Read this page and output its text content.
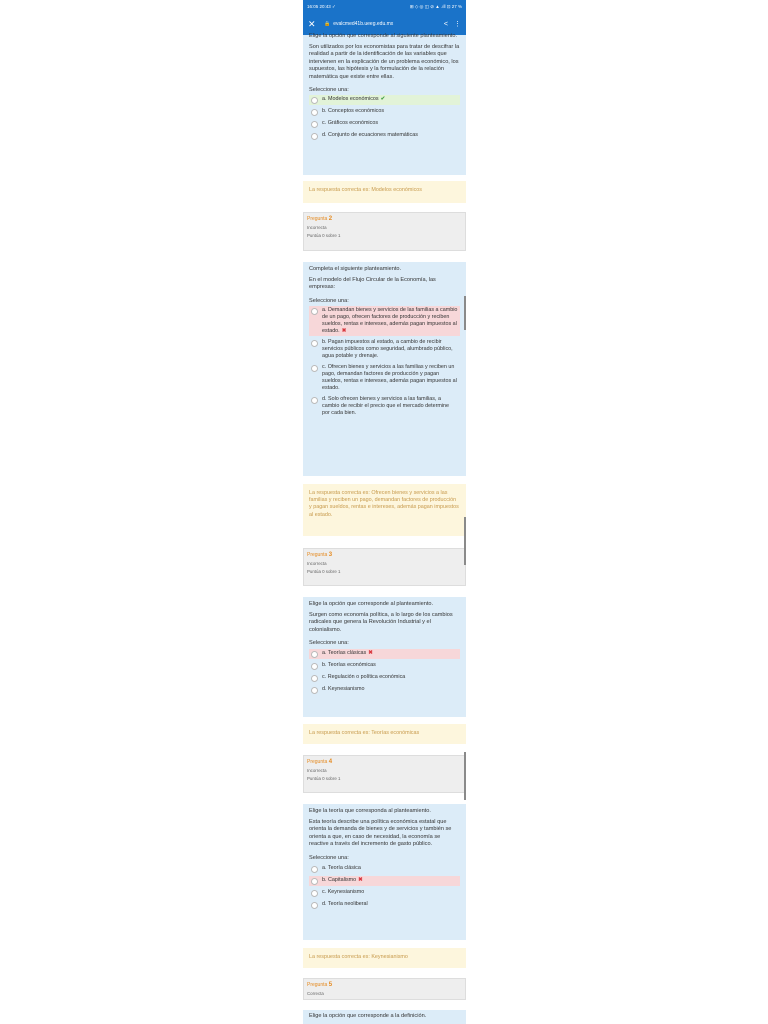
16:05 20:43 ✓	⊞ ◇ ◎ ◫ ⊘ ▲ .ıll ⊡ 27 %
✕	🔒 evalcmed41b.ueeg.edu.mx	< ⋮

Elige la opción que corresponde al siguiente planteamiento.

Son utilizados por los economistas para tratar de descifrar la realidad a partir de la identificación de las variables que intervienen en la explicación de un problema económico, los supuestos, las hipótesis y la formulación de la relación matemática que existe entre ellas.

Seleccione una:

a. Modelos económicos ✔
b. Conceptos económicos
c. Gráficos económicos
d. Conjunto de ecuaciones matemáticas
La respuesta correcta es: Modelos económicos
Pregunta 2
Incorrecta
Puntúa 0 sobre 1

Completa el siguiente planteamiento.

En el modelo del Flujo Circular de la Economía, las empresas:

Seleccione una:

a. Demandan bienes y servicios de las familias a cambio de un pago, ofrecen factores de producción y reciben sueldos, rentas e intereses, además pagan impuestos al estado. ✖
b. Pagan impuestos al estado, a cambio de recibir servicios públicos como seguridad, alumbrado público, agua potable y drenaje.
c. Ofrecen bienes y servicios a las familias y reciben un pago, demandan factores de producción y pagan sueldos, rentas e intereses, además pagan impuestos al estado.
d. Solo ofrecen bienes y servicios a las familias, a cambio de recibir el precio que el mercado determine por cada bien.
La respuesta correcta es: Ofrecen bienes y servicios a las familias y reciben un pago, demandan factores de producción y pagan sueldos, rentas e intereses, además pagan impuestos al estado.
Pregunta 3
Incorrecta
Puntúa 0 sobre 1

Elige la opción que corresponde al planteamiento.

Surgen como economía política, a lo largo de los cambios radicales que genera la Revolución Industrial y el colonialismo.

Seleccione una:

a. Teorías clásicas ✖
b. Teorías económicas
c. Regulación o política económica
d. Keynesianismo
La respuesta correcta es: Teorías económicas
Pregunta 4
Incorrecta
Puntúa 0 sobre 1

Elige la teoría que corresponda al planteamiento.

Esta teoría describe una política económica estatal que orienta la demanda de bienes y de servicios y también se orienta a que, en caso de necesidad, la economía se reactive a través del incremento de gasto público.

Seleccione una:

a. Teoría clásica
b. Capitalismo ✖
c. Keynesianismo
d. Teoría neoliberal
La respuesta correcta es: Keynesianismo
Pregunta 5
Correcta

Elige la opción que corresponde a la definición.
